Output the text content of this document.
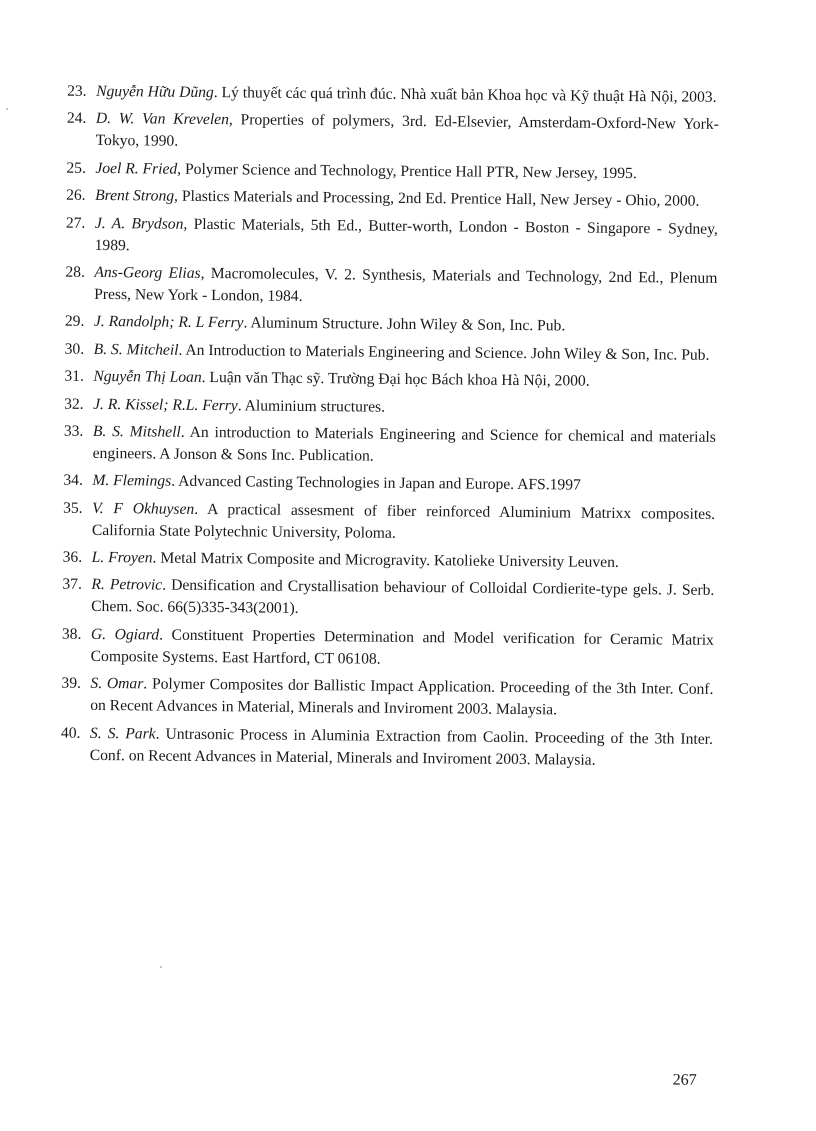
23. Nguyễn Hữu Dũng. Lý thuyết các quá trình đúc. Nhà xuất bản Khoa học và Kỹ thuật Hà Nội, 2003.
24. D. W. Van Krevelen, Properties of polymers, 3rd. Ed-Elsevier, Amsterdam-Oxford-New York-Tokyo, 1990.
25. Joel R. Fried, Polymer Science and Technology, Prentice Hall PTR, New Jersey, 1995.
26. Brent Strong, Plastics Materials and Processing, 2nd Ed. Prentice Hall, New Jersey - Ohio, 2000.
27. J. A. Brydson, Plastic Materials, 5th Ed., Butter-worth, London - Boston - Singapore - Sydney, 1989.
28. Ans-Georg Elias, Macromolecules, V. 2. Synthesis, Materials and Technology, 2nd Ed., Plenum Press, New York - London, 1984.
29. J. Randolph; R. L Ferry. Aluminum Structure. John Wiley & Son, Inc. Pub.
30. B. S. Mitcheil. An Introduction to Materials Engineering and Science. John Wiley & Son, Inc. Pub.
31. Nguyễn Thị Loan. Luận văn Thạc sỹ. Trường Đại học Bách khoa Hà Nội, 2000.
32. J. R. Kissel; R.L. Ferry. Aluminium structures.
33. B. S. Mitshell. An introduction to Materials Engineering and Science for chemical and materials engineers. A Jonson & Sons Inc. Publication.
34. M. Flemings. Advanced Casting Technologies in Japan and Europe. AFS.1997
35. V. F Okhuysen. A practical assesment of fiber reinforced Aluminium Matrixx composites. California State Polytechnic University, Poloma.
36. L. Froyen. Metal Matrix Composite and Microgravity. Katolieke University Leuven.
37. R. Petrovic. Densification and Crystallisation behaviour of Colloidal Cordierite-type gels. J. Serb. Chem. Soc. 66(5)335-343(2001).
38. G. Ogiard. Constituent Properties Determination and Model verification for Ceramic Matrix Composite Systems. East Hartford, CT 06108.
39. S. Omar. Polymer Composites dor Ballistic Impact Application. Proceeding of the 3th Inter. Conf. on Recent Advances in Material, Minerals and Inviroment 2003. Malaysia.
40. S. S. Park. Untrasonic Process in Aluminia Extraction from Caolin. Proceeding of the 3th Inter. Conf. on Recent Advances in Material, Minerals and Inviroment 2003. Malaysia.
267
